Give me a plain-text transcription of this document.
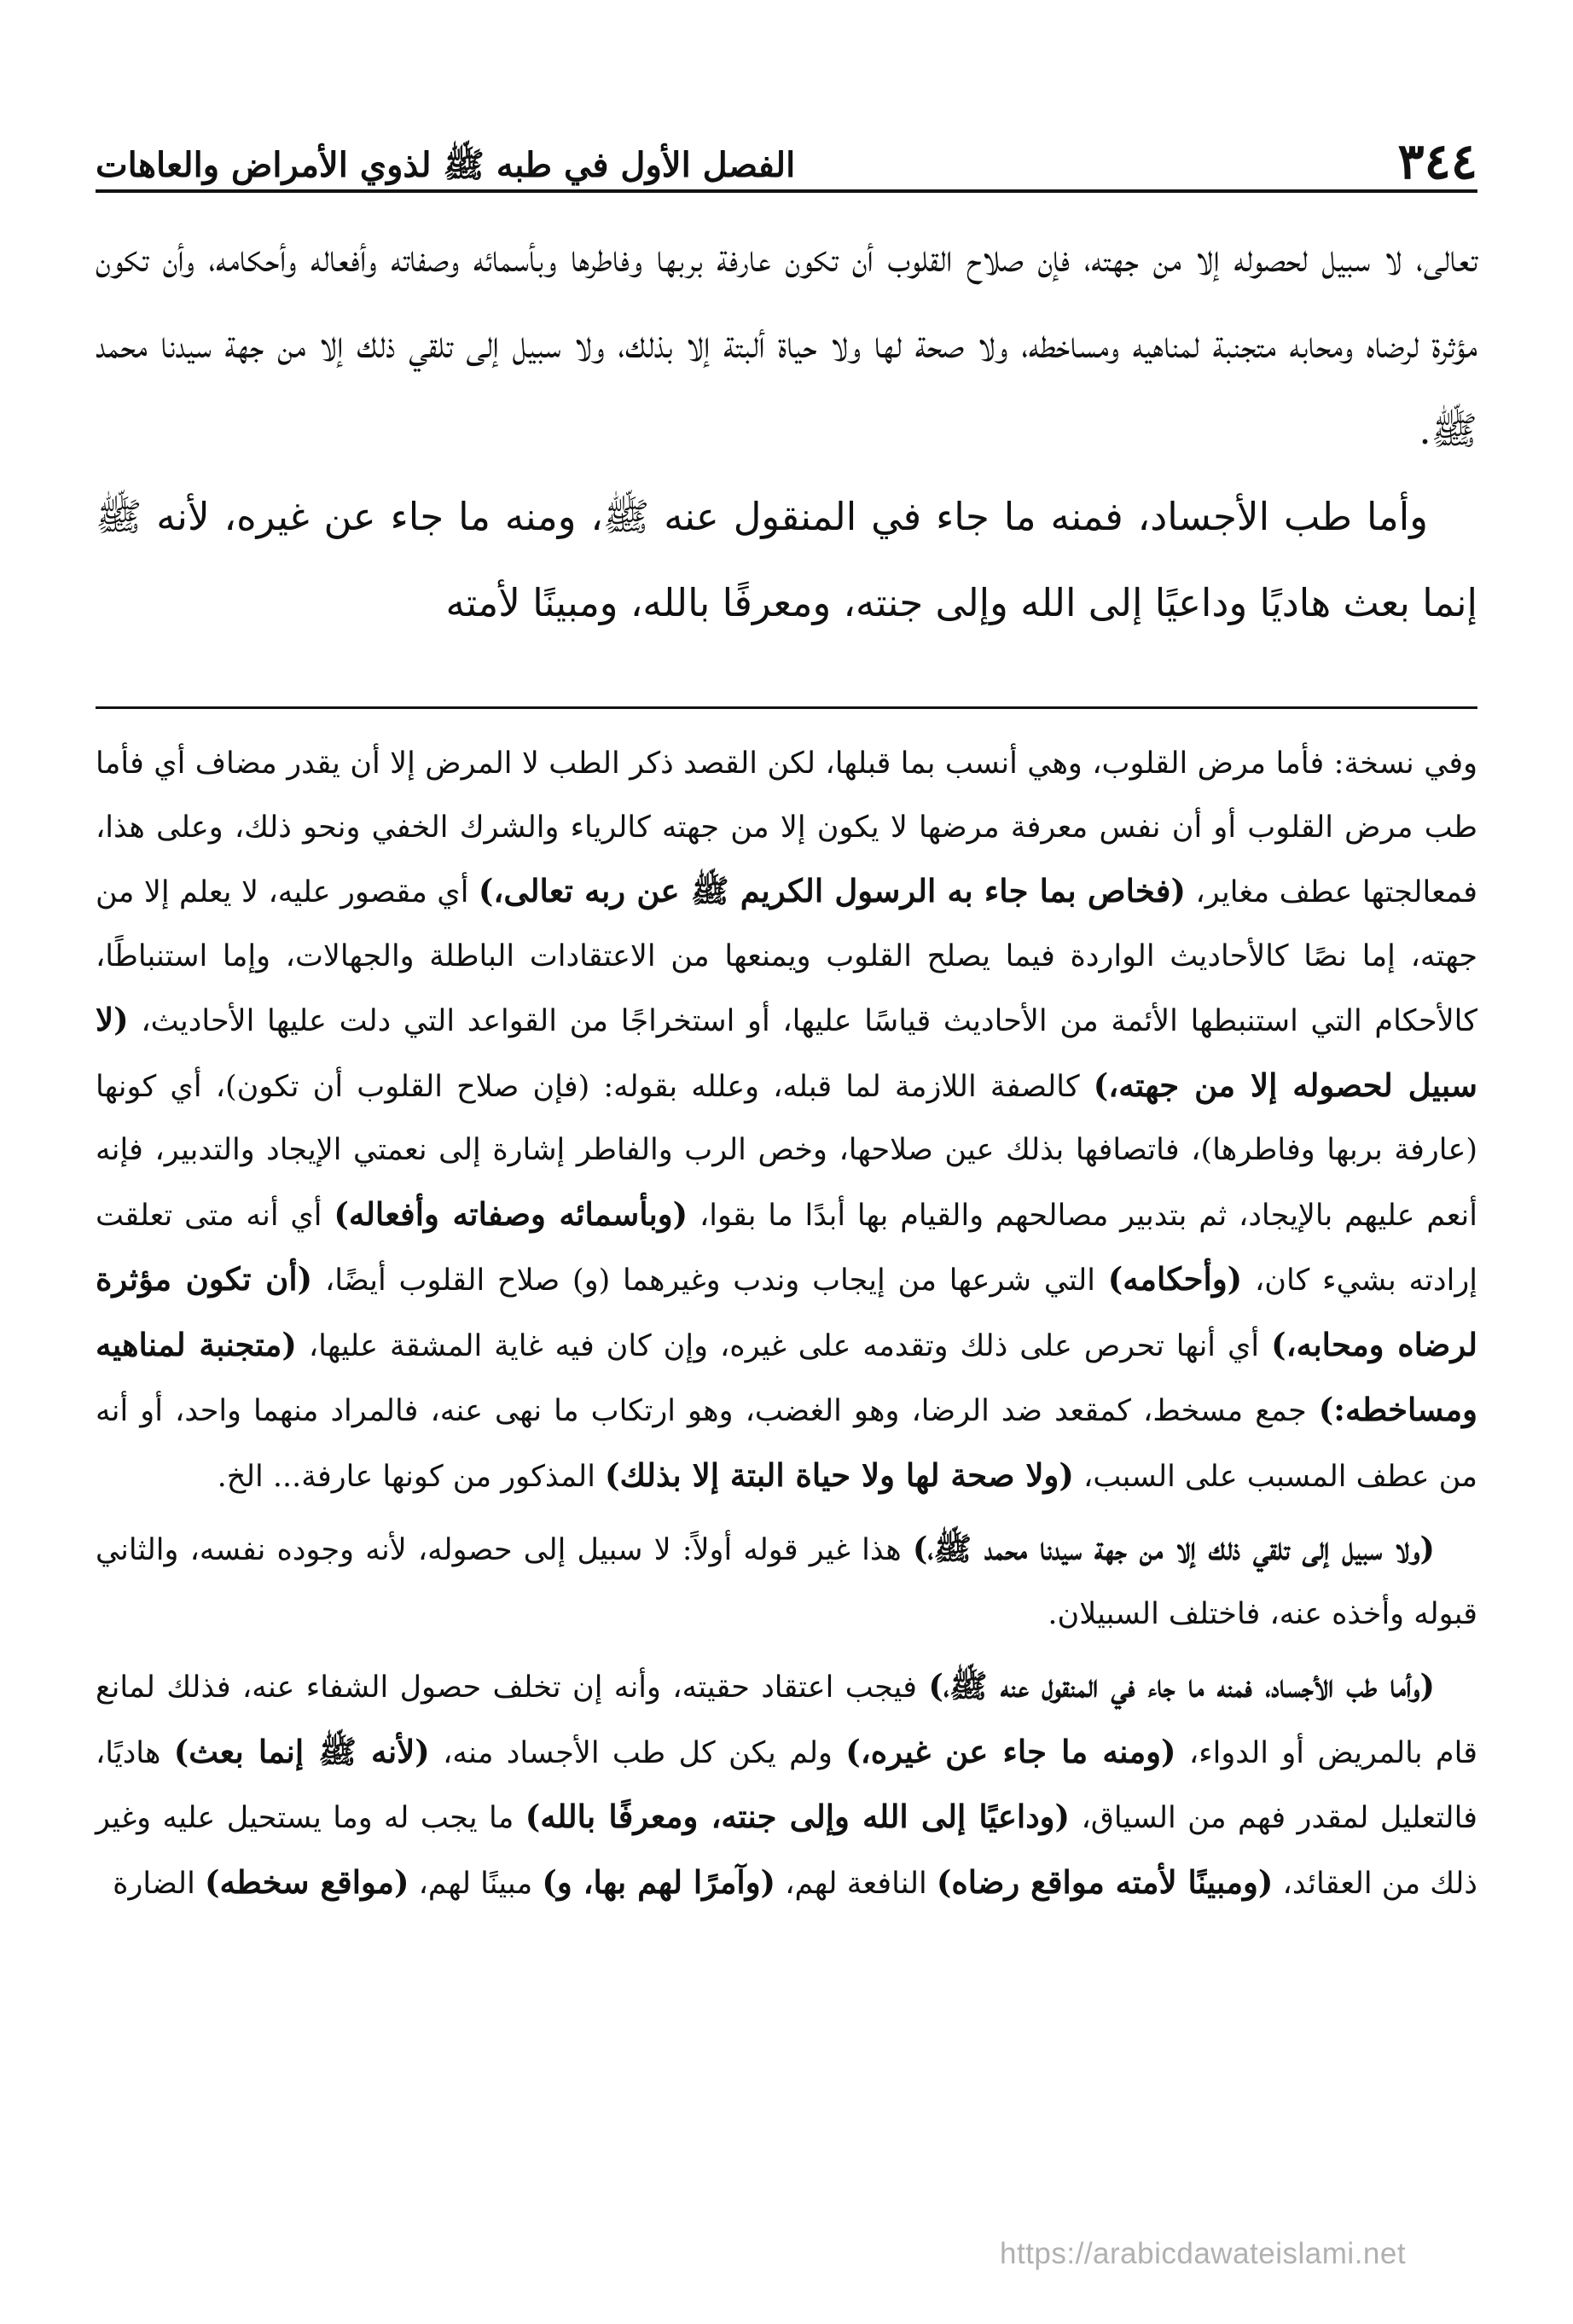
٣٤٤
الفصل الأول في طبه ﷺ لذوي الأمراض والعاهات

تعالى، لا سبيل لحصوله إلا من جهته، فإن صلاح القلوب أن تكون عارفة بربها وفاطرها وبأسمائه وصفاته وأفعاله وأحكامه، وأن تكون مؤثرة لرضاه ومحابه متجنبة لمناهيه ومساخطه، ولا صحة لها ولا حياة ألبتة إلا بذلك، ولا سبيل إلى تلقي ذلك إلا من جهة سيدنا محمد ﷺ.

وأما طب الأجساد، فمنه ما جاء في المنقول عنه ﷺ، ومنه ما جاء عن غيره، لأنه ﷺ إنما بعث هاديًا وداعيًا إلى الله وإلى جنته، ومعرفًا بالله، ومبينًا لأمته

وفي نسخة: فأما مرض القلوب، وهي أنسب بما قبلها، لكن القصد ذكر الطب لا المرض إلا أن يقدر مضاف أي فأما طب مرض القلوب أو أن نفس معرفة مرضها لا يكون إلا من جهته كالرياء والشرك الخفي ونحو ذلك، وعلى هذا، فمعالجتها عطف مغاير، (فخاص بما جاء به الرسول الكريم ﷺ عن ربه تعالى،) أي مقصور عليه، لا يعلم إلا من جهته، إما نصًا كالأحاديث الواردة فيما يصلح القلوب ويمنعها من الاعتقادات الباطلة والجهالات، وإما استنباطًا، كالأحكام التي استنبطها الأئمة من الأحاديث قياسًا عليها، أو استخراجًا من القواعد التي دلت عليها الأحاديث، (لا سبيل لحصوله إلا من جهته،) كالصفة اللازمة لما قبله، وعلله بقوله: (فإن صلاح القلوب أن تكون)، أي كونها (عارفة بربها وفاطرها)، فاتصافها بذلك عين صلاحها، وخص الرب والفاطر إشارة إلى نعمتي الإيجاد والتدبير، فإنه أنعم عليهم بالإيجاد، ثم بتدبير مصالحهم والقيام بها أبدًا ما بقوا، (وبأسمائه وصفاته وأفعاله) أي أنه متى تعلقت إرادته بشيء كان، (وأحكامه) التي شرعها من إيجاب وندب وغيرهما (و) صلاح القلوب أيضًا، (أن تكون مؤثرة لرضاه ومحابه،) أي أنها تحرص على ذلك وتقدمه على غيره، وإن كان فيه غاية المشقة عليها، (متجنبة لمناهيه ومساخطه:) جمع مسخط، كمقعد ضد الرضا، وهو الغضب، وهو ارتكاب ما نهى عنه، فالمراد منهما واحد، أو أنه من عطف المسبب على السبب، (ولا صحة لها ولا حياة البتة إلا بذلك) المذكور من كونها عارفة... الخ.

(ولا سبيل إلى تلقي ذلك إلا من جهة سيدنا محمد ﷺ،) هذا غير قوله أولاً: لا سبيل إلى حصوله، لأنه وجوده نفسه، والثاني قبوله وأخذه عنه، فاختلف السبيلان.

(وأما طب الأجساد، فمنه ما جاء في المنقول عنه ﷺ،) فيجب اعتقاد حقيته، وأنه إن تخلف حصول الشفاء عنه، فذلك لمانع قام بالمريض أو الدواء، (ومنه ما جاء عن غيره،) ولم يكن كل طب الأجساد منه، (لأنه ﷺ إنما بعث) هاديًا، فالتعليل لمقدر فهم من السياق، (وداعيًا إلى الله وإلى جنته، ومعرفًا بالله) ما يجب له وما يستحيل عليه وغير ذلك من العقائد، (ومبينًا لأمته مواقع رضاه) النافعة لهم، (وآمرًا لهم بها، و) مبينًا لهم، (مواقع سخطه) الضارة

https://arabicdawateislami.net
